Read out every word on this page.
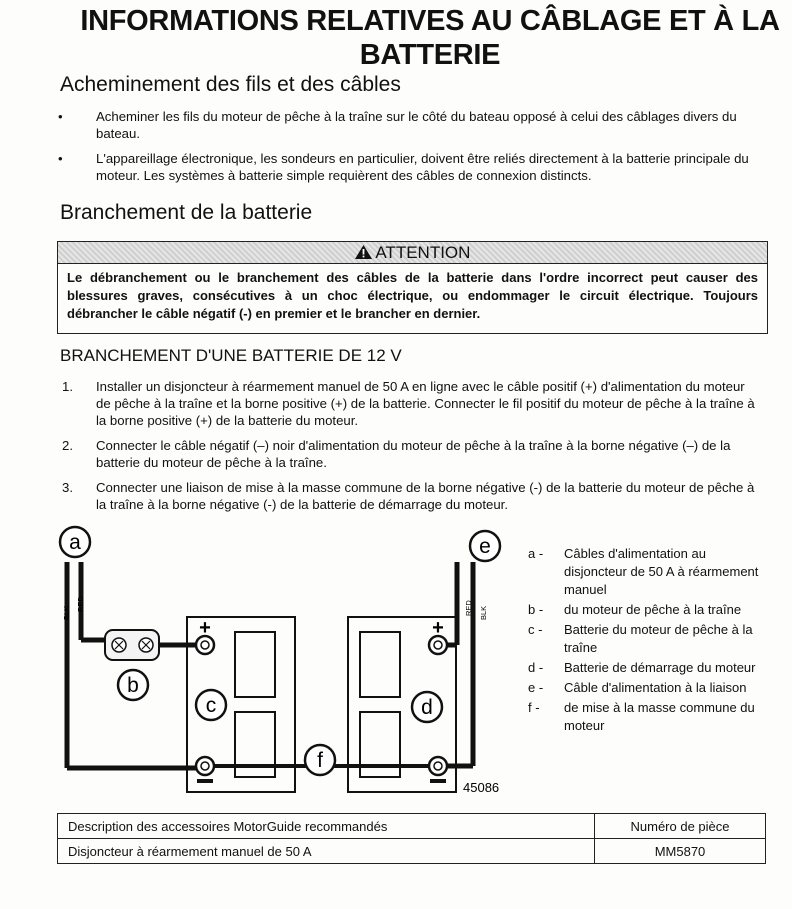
INFORMATIONS RELATIVES AU CÂBLAGE ET À LA BATTERIE
Acheminement des fils et des câbles
•	Acheminer les fils du moteur de pêche à la traîne sur le côté du bateau opposé à celui des câblages divers du bateau.
•	L'appareillage électronique, les sondeurs en particulier, doivent être reliés directement à la batterie principale du moteur. Les systèmes à batterie simple requièrent des câbles de connexion distincts.
Branchement de la batterie
ATTENTION
Le débranchement ou le branchement des câbles de la batterie dans l'ordre incorrect peut causer des blessures graves, consécutives à un choc électrique, ou endommager le circuit électrique. Toujours débrancher le câble négatif (-) en premier et le brancher en dernier.
BRANCHEMENT D'UNE BATTERIE DE 12 V
1. Installer un disjoncteur à réarmement manuel de 50 A en ligne avec le câble positif (+) d'alimentation du moteur de pêche à la traîne et la borne positive (+) de la batterie. Connecter le fil positif du moteur de pêche à la traîne à la borne positive (+) de la batterie du moteur.
2. Connecter le câble négatif (–) noir d'alimentation du moteur de pêche à la traîne à la borne négative (–) de la batterie du moteur de pêche à la traîne.
3. Connecter une liaison de mise à la masse commune de la borne négative (-) de la batterie du moteur de pêche à la traîne à la borne négative (-) de la batterie de démarrage du moteur.
+	+
BLK
RED	RED BLK
a
b
c	d
e
f
45086
a - Câbles d'alimentation au disjoncteur de 50 A à réarmement manuel
b - du moteur de pêche à la traîne
c - Batterie du moteur de pêche à la traîne
d - Batterie de démarrage du moteur
e - Câble d'alimentation à la liaison
f - de mise à la masse commune du moteur
Description des accessoires MotorGuide recommandés	Numéro de pièce
Disjoncteur à réarmement manuel de 50 A	MM5870
